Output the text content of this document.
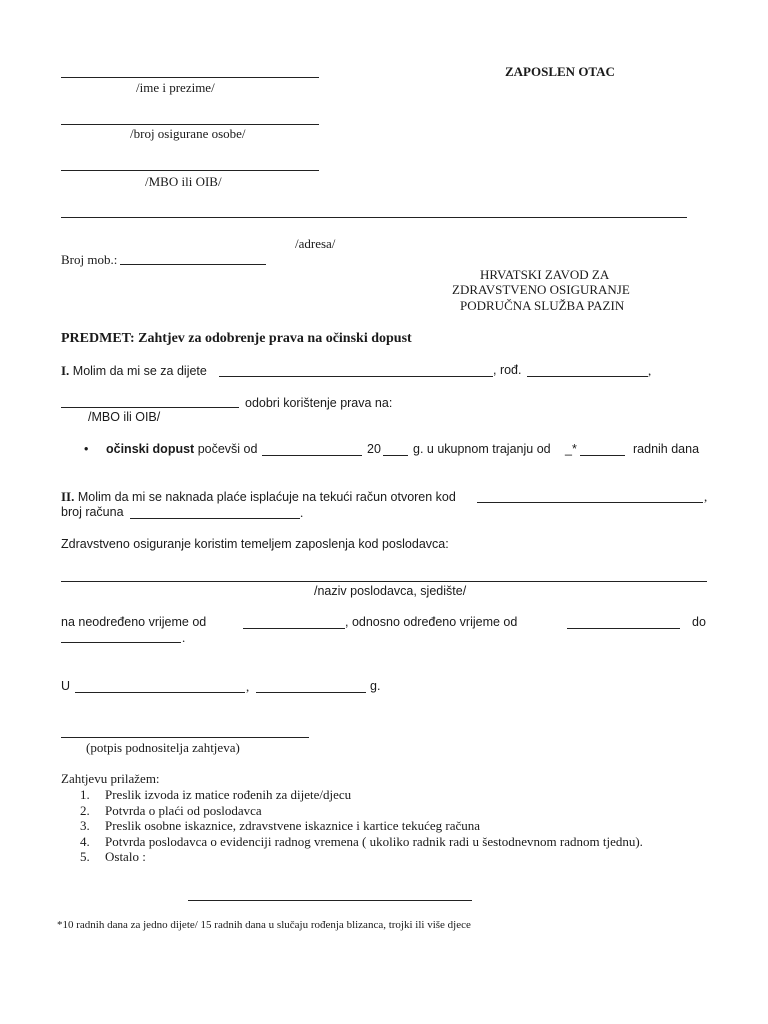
ZAPOSLEN OTAC
/ime i prezime/
/broj osigurane osobe/
/MBO ili OIB/
/adresa/
Broj mob.:
HRVATSKI ZAVOD ZA
ZDRAVSTVENO OSIGURANJE
PODRUČNA SLUŽBA PAZIN
PREDMET: Zahtjev za odobrenje prava na očinski dopust
I. Molim da mi se za dijete	, rođ.	,
odobri korištenje prava na:
/MBO ili OIB/
• očinski dopust počevši od	20	g. u ukupnom trajanju od _*	radnih dana
II. Molim da mi se naknada plaće isplaćuje na tekući račun otvoren kod	,
broj računa	.
Zdravstveno osiguranje koristim temeljem zaposlenja kod poslodavca:
/naziv poslodavca, sjedište/
na neodređeno vrijeme od	, odnosno određeno vrijeme od	do
.
U	,	g.
(potpis podnositelja zahtjeva)
Zahtjevu prilažem:
1. Preslik izvoda iz matice rođenih za dijete/djecu
2. Potvrda o plaći od poslodavca
3. Preslik osobne iskaznice, zdravstvene iskaznice i kartice tekućeg računa
4. Potvrda poslodavca o evidenciji radnog vremena ( ukoliko radnik radi u šestodnevnom radnom tjednu).
5. Ostalo :
*10 radnih dana za jedno dijete/ 15 radnih dana u slučaju rođenja blizanca, trojki ili više djece
